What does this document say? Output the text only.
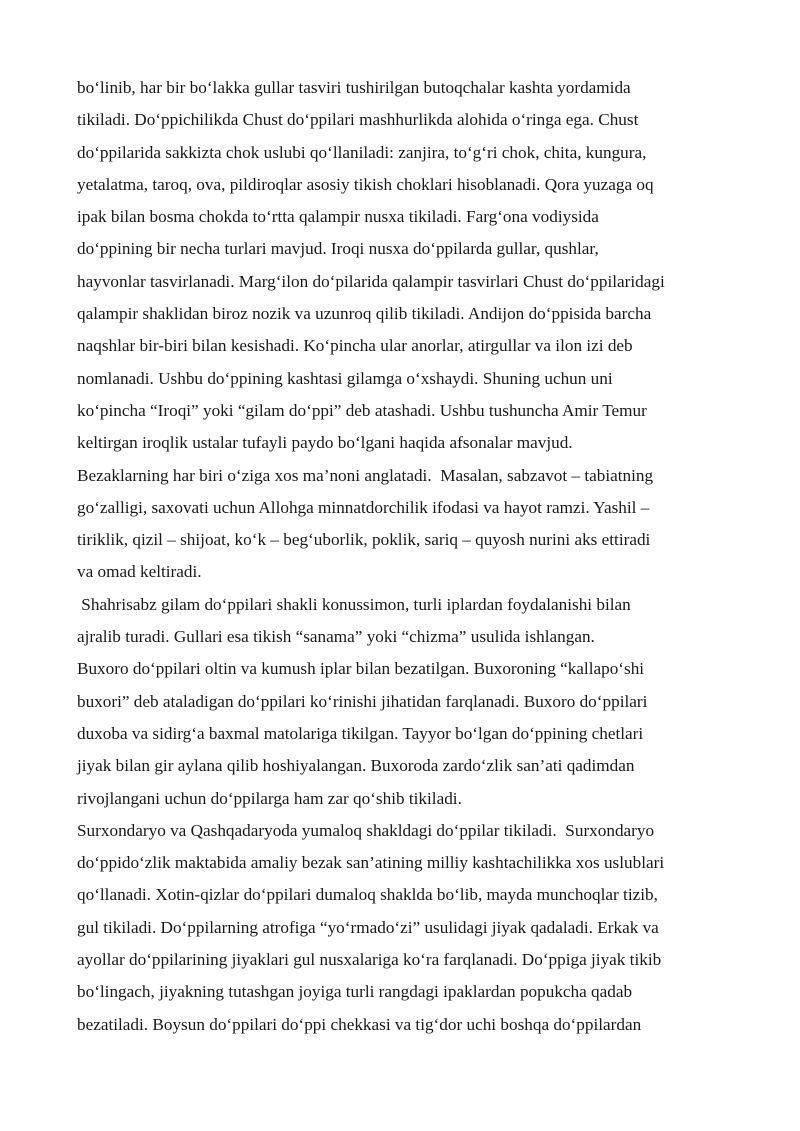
bo‘linib, har bir bo‘lakka gullar tasviri tushirilgan butoqchalar kashta yordamida
tikiladi. Do‘ppichilikda Chust do‘ppilari mashhurlikda alohida o‘ringa ega. Chust
do‘ppilarida sakkizta chok uslubi qo‘llaniladi: zanjira, to‘g‘ri chok, chita, kungura,
yetalatma, taroq, ova, pildiroqlar asosiy tikish choklari hisoblanadi. Qora yuzaga oq
ipak bilan bosma chokda to‘rtta qalampir nusxa tikiladi. Farg‘ona vodiysida
do‘ppining bir necha turlari mavjud. Iroqi nusxa do‘ppilarda gullar, qushlar,
hayvonlar tasvirlanadi. Marg‘ilon do‘pilarida qalampir tasvirlari Chust do‘ppilaridagi
qalampir shaklidan biroz nozik va uzunroq qilib tikiladi. Andijon do‘ppisida barcha
naqshlar bir-biri bilan kesishadi. Ko‘pincha ular anorlar, atirgullar va ilon izi deb
nomlanadi. Ushbu do‘ppining kashtasi gilamga o‘xshaydi. Shuning uchun uni
ko‘pincha “Iroqi” yoki “gilam do‘ppi” deb atashadi. Ushbu tushuncha Amir Temur
keltirgan iroqlik ustalar tufayli paydo bo‘lgani haqida afsonalar mavjud.
Bezaklarning har biri o‘ziga xos ma’noni anglatadi.  Masalan, sabzavot – tabiatning
go‘zalligi, saxovati uchun Allohga minnatdorchilik ifodasi va hayot ramzi. Yashil –
tiriklik, qizil – shijoat, ko‘k – beg‘uborlik, poklik, sariq – quyosh nurini aks ettiradi
va omad keltiradi.
Shahrisabz gilam do‘ppilari shakli konussimon, turli iplardan foydalanishi bilan
ajralib turadi. Gullari esa tikish “sanama” yoki “chizma” usulida ishlangan.
Buxoro do‘ppilari oltin va kumush iplar bilan bezatilgan. Buxoroning “kallapo‘shi
buxori” deb ataladigan do‘ppilari ko‘rinishi jihatidan farqlanadi. Buxoro do‘ppilari
duxoba va sidirg‘a baxmal matolariga tikilgan. Tayyor bo‘lgan do‘ppining chetlari
jiyak bilan gir aylana qilib hoshiyalangan. Buxoroda zardo‘zlik san’ati qadimdan
rivojlangani uchun do‘ppilarga ham zar qo‘shib tikiladi.
Surxondaryo va Qashqadaryoda yumaloq shakldagi do‘ppilar tikiladi.  Surxondaryo
do‘ppido‘zlik maktabida amaliy bezak san’atining milliy kashtachilikka xos uslublari
qo‘llanadi. Xotin-qizlar do‘ppilari dumaloq shaklda bo‘lib, mayda munchoqlar tizib,
gul tikiladi. Do‘ppilarning atrofiga “yo‘rmado‘zi” usulidagi jiyak qadaladi. Erkak va
ayollar do‘ppilarining jiyaklari gul nusxalariga ko‘ra farqlanadi. Do‘ppiga jiyak tikib
bo‘lingach, jiyakning tutashgan joyiga turli rangdagi ipaklardan popukcha qadab
bezatiladi. Boysun do‘ppilari do‘ppi chekkasi va tig‘dor uchi boshqa do‘ppilardan
